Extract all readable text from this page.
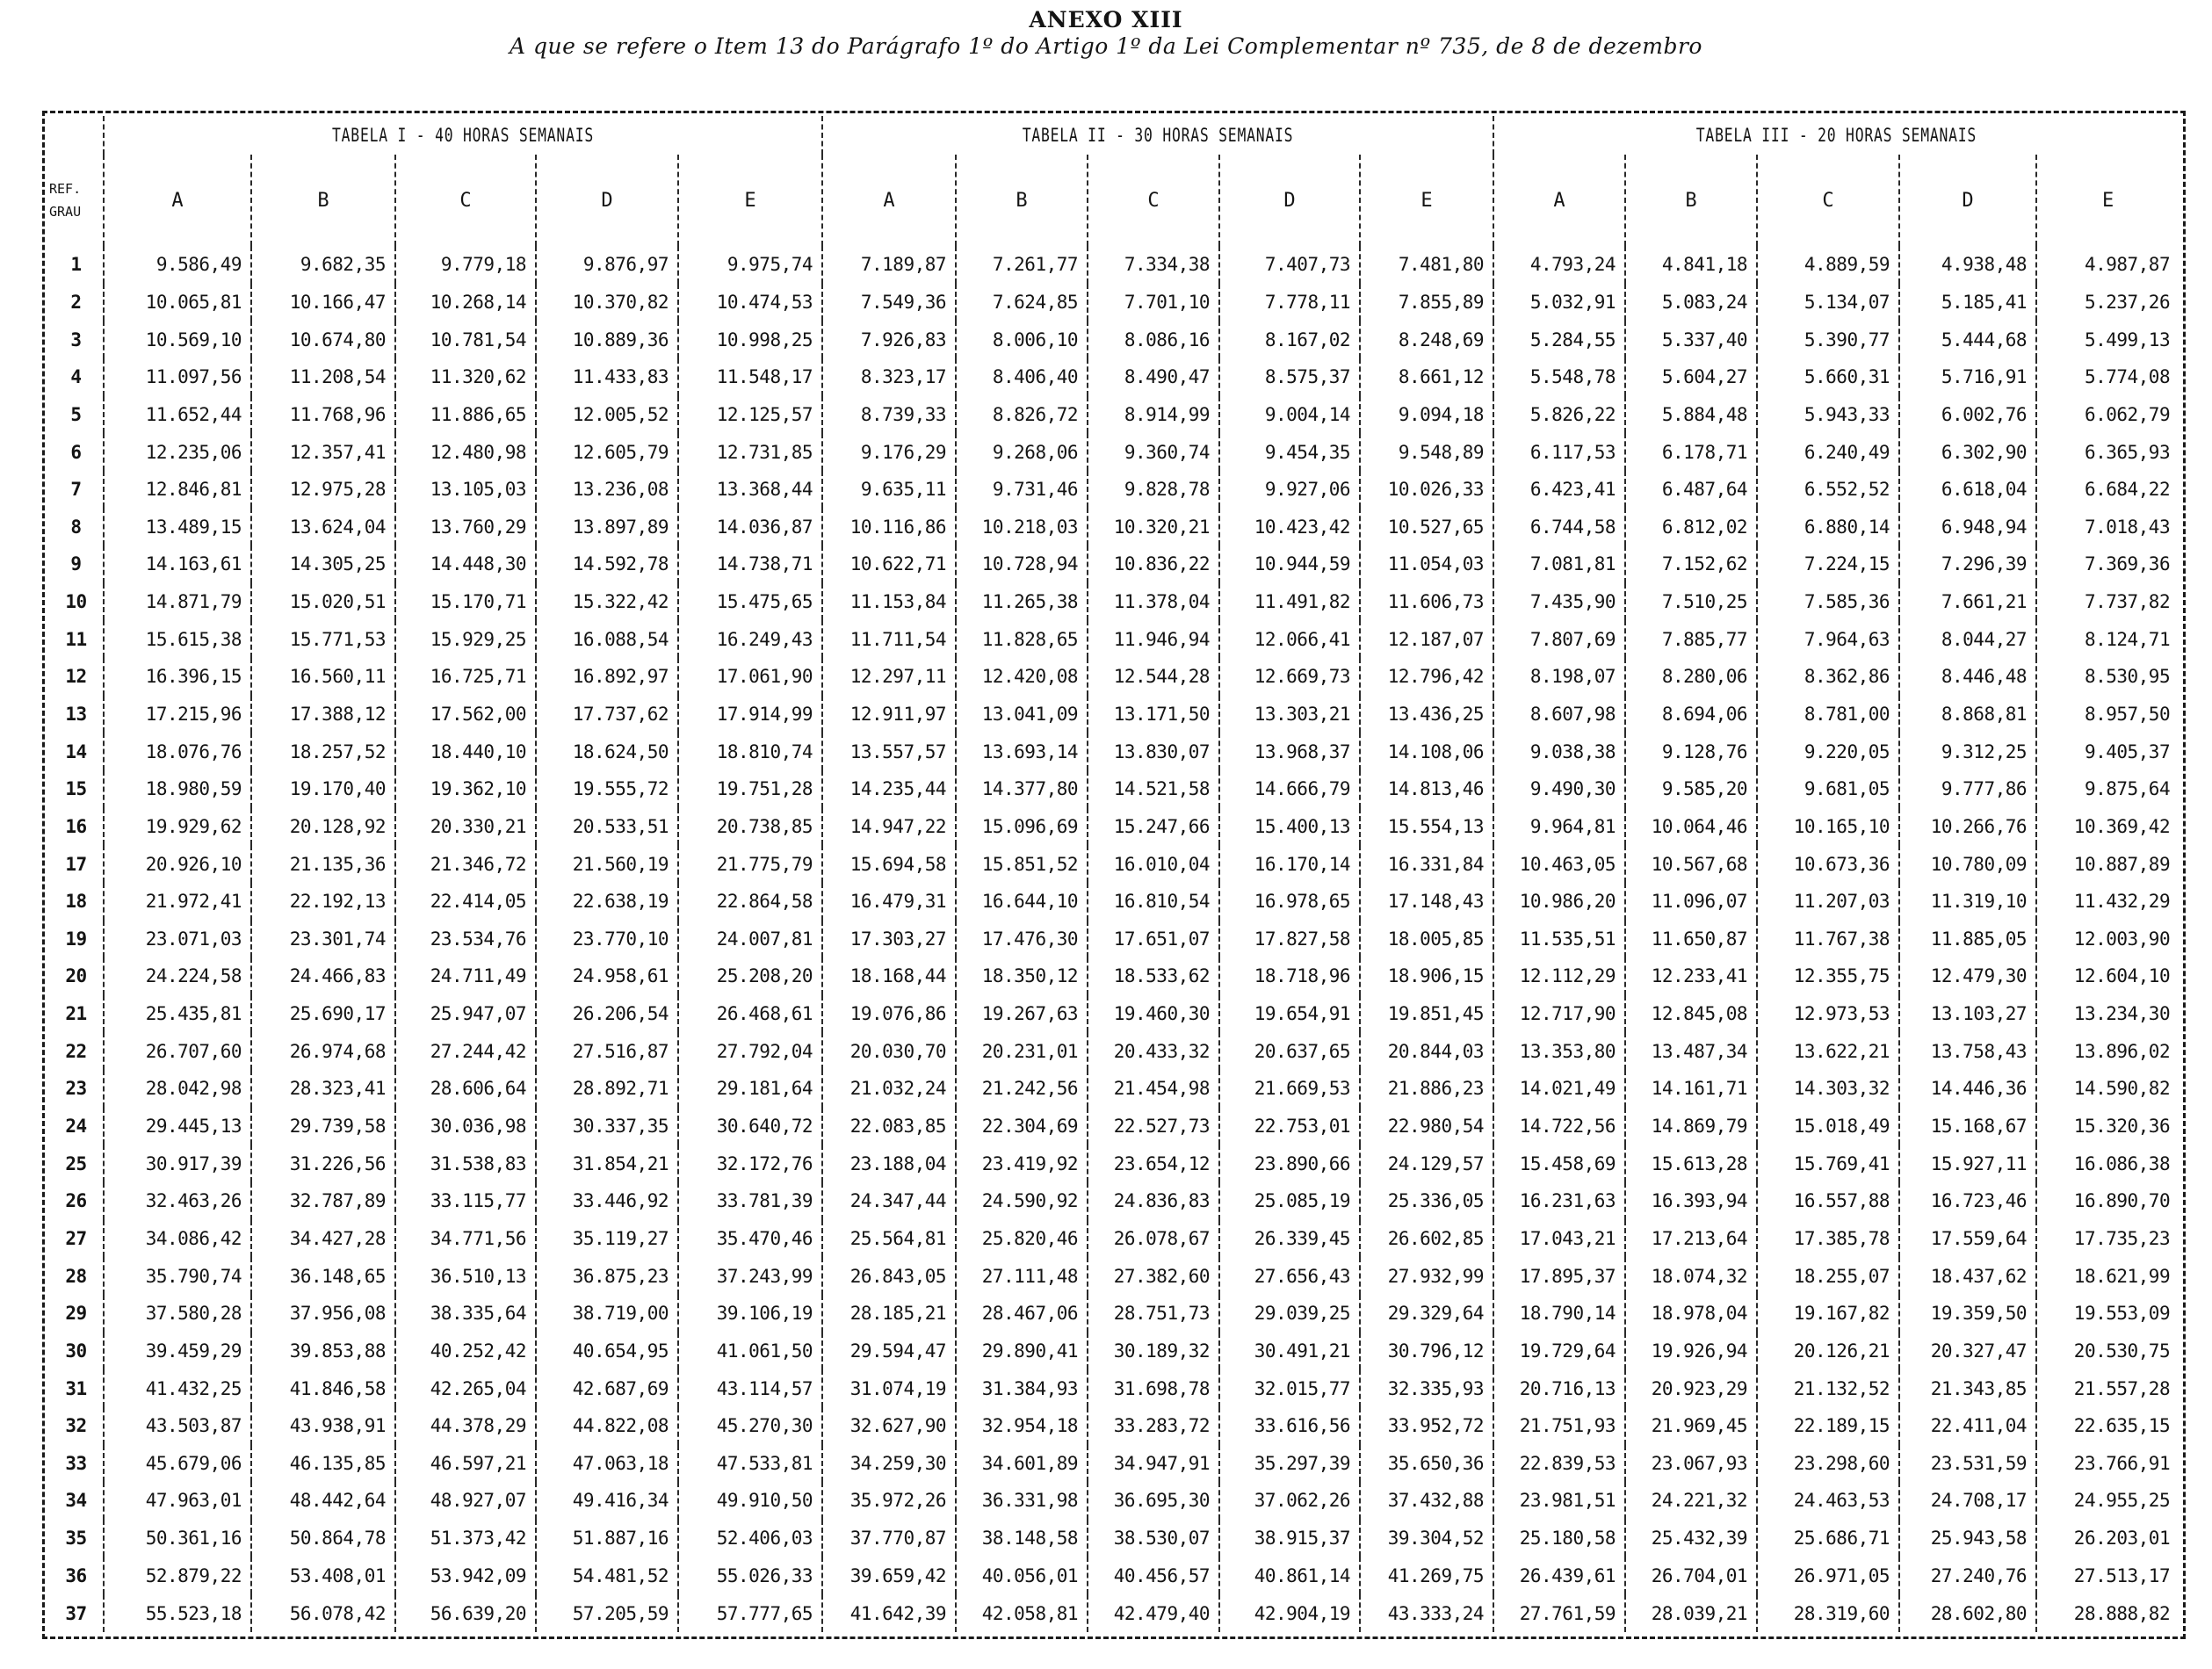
ANEXO XIII
A que se refere o Item 13 do Parágrafo 1º do Artigo 1º da Lei Complementar nº 735, de 8 de dezembro
	TABELA I - 40 HORAS SEMANAIS					TABELA II - 30 HORAS SEMANAIS					TABELA III - 20 HORAS SEMANAIS				

REF.
GRAU	A	B	C	D	E	A	B	C	D	E	A	B	C	D	E
1	9.586,49	9.682,35	9.779,18	9.876,97	9.975,74	7.189,87	7.261,77	7.334,38	7.407,73	7.481,80	4.793,24	4.841,18	4.889,59	4.938,48	4.987,87
2	10.065,81	10.166,47	10.268,14	10.370,82	10.474,53	7.549,36	7.624,85	7.701,10	7.778,11	7.855,89	5.032,91	5.083,24	5.134,07	5.185,41	5.237,26
3	10.569,10	10.674,80	10.781,54	10.889,36	10.998,25	7.926,83	8.006,10	8.086,16	8.167,02	8.248,69	5.284,55	5.337,40	5.390,77	5.444,68	5.499,13
4	11.097,56	11.208,54	11.320,62	11.433,83	11.548,17	8.323,17	8.406,40	8.490,47	8.575,37	8.661,12	5.548,78	5.604,27	5.660,31	5.716,91	5.774,08
5	11.652,44	11.768,96	11.886,65	12.005,52	12.125,57	8.739,33	8.826,72	8.914,99	9.004,14	9.094,18	5.826,22	5.884,48	5.943,33	6.002,76	6.062,79
6	12.235,06	12.357,41	12.480,98	12.605,79	12.731,85	9.176,29	9.268,06	9.360,74	9.454,35	9.548,89	6.117,53	6.178,71	6.240,49	6.302,90	6.365,93
7	12.846,81	12.975,28	13.105,03	13.236,08	13.368,44	9.635,11	9.731,46	9.828,78	9.927,06	10.026,33	6.423,41	6.487,64	6.552,52	6.618,04	6.684,22
8	13.489,15	13.624,04	13.760,29	13.897,89	14.036,87	10.116,86	10.218,03	10.320,21	10.423,42	10.527,65	6.744,58	6.812,02	6.880,14	6.948,94	7.018,43
9	14.163,61	14.305,25	14.448,30	14.592,78	14.738,71	10.622,71	10.728,94	10.836,22	10.944,59	11.054,03	7.081,81	7.152,62	7.224,15	7.296,39	7.369,36
10	14.871,79	15.020,51	15.170,71	15.322,42	15.475,65	11.153,84	11.265,38	11.378,04	11.491,82	11.606,73	7.435,90	7.510,25	7.585,36	7.661,21	7.737,82
11	15.615,38	15.771,53	15.929,25	16.088,54	16.249,43	11.711,54	11.828,65	11.946,94	12.066,41	12.187,07	7.807,69	7.885,77	7.964,63	8.044,27	8.124,71
12	16.396,15	16.560,11	16.725,71	16.892,97	17.061,90	12.297,11	12.420,08	12.544,28	12.669,73	12.796,42	8.198,07	8.280,06	8.362,86	8.446,48	8.530,95
13	17.215,96	17.388,12	17.562,00	17.737,62	17.914,99	12.911,97	13.041,09	13.171,50	13.303,21	13.436,25	8.607,98	8.694,06	8.781,00	8.868,81	8.957,50
14	18.076,76	18.257,52	18.440,10	18.624,50	18.810,74	13.557,57	13.693,14	13.830,07	13.968,37	14.108,06	9.038,38	9.128,76	9.220,05	9.312,25	9.405,37
15	18.980,59	19.170,40	19.362,10	19.555,72	19.751,28	14.235,44	14.377,80	14.521,58	14.666,79	14.813,46	9.490,30	9.585,20	9.681,05	9.777,86	9.875,64
16	19.929,62	20.128,92	20.330,21	20.533,51	20.738,85	14.947,22	15.096,69	15.247,66	15.400,13	15.554,13	9.964,81	10.064,46	10.165,10	10.266,76	10.369,42
17	20.926,10	21.135,36	21.346,72	21.560,19	21.775,79	15.694,58	15.851,52	16.010,04	16.170,14	16.331,84	10.463,05	10.567,68	10.673,36	10.780,09	10.887,89
18	21.972,41	22.192,13	22.414,05	22.638,19	22.864,58	16.479,31	16.644,10	16.810,54	16.978,65	17.148,43	10.986,20	11.096,07	11.207,03	11.319,10	11.432,29
19	23.071,03	23.301,74	23.534,76	23.770,10	24.007,81	17.303,27	17.476,30	17.651,07	17.827,58	18.005,85	11.535,51	11.650,87	11.767,38	11.885,05	12.003,90
20	24.224,58	24.466,83	24.711,49	24.958,61	25.208,20	18.168,44	18.350,12	18.533,62	18.718,96	18.906,15	12.112,29	12.233,41	12.355,75	12.479,30	12.604,10
21	25.435,81	25.690,17	25.947,07	26.206,54	26.468,61	19.076,86	19.267,63	19.460,30	19.654,91	19.851,45	12.717,90	12.845,08	12.973,53	13.103,27	13.234,30
22	26.707,60	26.974,68	27.244,42	27.516,87	27.792,04	20.030,70	20.231,01	20.433,32	20.637,65	20.844,03	13.353,80	13.487,34	13.622,21	13.758,43	13.896,02
23	28.042,98	28.323,41	28.606,64	28.892,71	29.181,64	21.032,24	21.242,56	21.454,98	21.669,53	21.886,23	14.021,49	14.161,71	14.303,32	14.446,36	14.590,82
24	29.445,13	29.739,58	30.036,98	30.337,35	30.640,72	22.083,85	22.304,69	22.527,73	22.753,01	22.980,54	14.722,56	14.869,79	15.018,49	15.168,67	15.320,36
25	30.917,39	31.226,56	31.538,83	31.854,21	32.172,76	23.188,04	23.419,92	23.654,12	23.890,66	24.129,57	15.458,69	15.613,28	15.769,41	15.927,11	16.086,38
26	32.463,26	32.787,89	33.115,77	33.446,92	33.781,39	24.347,44	24.590,92	24.836,83	25.085,19	25.336,05	16.231,63	16.393,94	16.557,88	16.723,46	16.890,70
27	34.086,42	34.427,28	34.771,56	35.119,27	35.470,46	25.564,81	25.820,46	26.078,67	26.339,45	26.602,85	17.043,21	17.213,64	17.385,78	17.559,64	17.735,23
28	35.790,74	36.148,65	36.510,13	36.875,23	37.243,99	26.843,05	27.111,48	27.382,60	27.656,43	27.932,99	17.895,37	18.074,32	18.255,07	18.437,62	18.621,99
29	37.580,28	37.956,08	38.335,64	38.719,00	39.106,19	28.185,21	28.467,06	28.751,73	29.039,25	29.329,64	18.790,14	18.978,04	19.167,82	19.359,50	19.553,09
30	39.459,29	39.853,88	40.252,42	40.654,95	41.061,50	29.594,47	29.890,41	30.189,32	30.491,21	30.796,12	19.729,64	19.926,94	20.126,21	20.327,47	20.530,75
31	41.432,25	41.846,58	42.265,04	42.687,69	43.114,57	31.074,19	31.384,93	31.698,78	32.015,77	32.335,93	20.716,13	20.923,29	21.132,52	21.343,85	21.557,28
32	43.503,87	43.938,91	44.378,29	44.822,08	45.270,30	32.627,90	32.954,18	33.283,72	33.616,56	33.952,72	21.751,93	21.969,45	22.189,15	22.411,04	22.635,15
33	45.679,06	46.135,85	46.597,21	47.063,18	47.533,81	34.259,30	34.601,89	34.947,91	35.297,39	35.650,36	22.839,53	23.067,93	23.298,60	23.531,59	23.766,91
34	47.963,01	48.442,64	48.927,07	49.416,34	49.910,50	35.972,26	36.331,98	36.695,30	37.062,26	37.432,88	23.981,51	24.221,32	24.463,53	24.708,17	24.955,25
35	50.361,16	50.864,78	51.373,42	51.887,16	52.406,03	37.770,87	38.148,58	38.530,07	38.915,37	39.304,52	25.180,58	25.432,39	25.686,71	25.943,58	26.203,01
36	52.879,22	53.408,01	53.942,09	54.481,52	55.026,33	39.659,42	40.056,01	40.456,57	40.861,14	41.269,75	26.439,61	26.704,01	26.971,05	27.240,76	27.513,17
37	55.523,18	56.078,42	56.639,20	57.205,59	57.777,65	41.642,39	42.058,81	42.479,40	42.904,19	43.333,24	27.761,59	28.039,21	28.319,60	28.602,80	28.888,82
